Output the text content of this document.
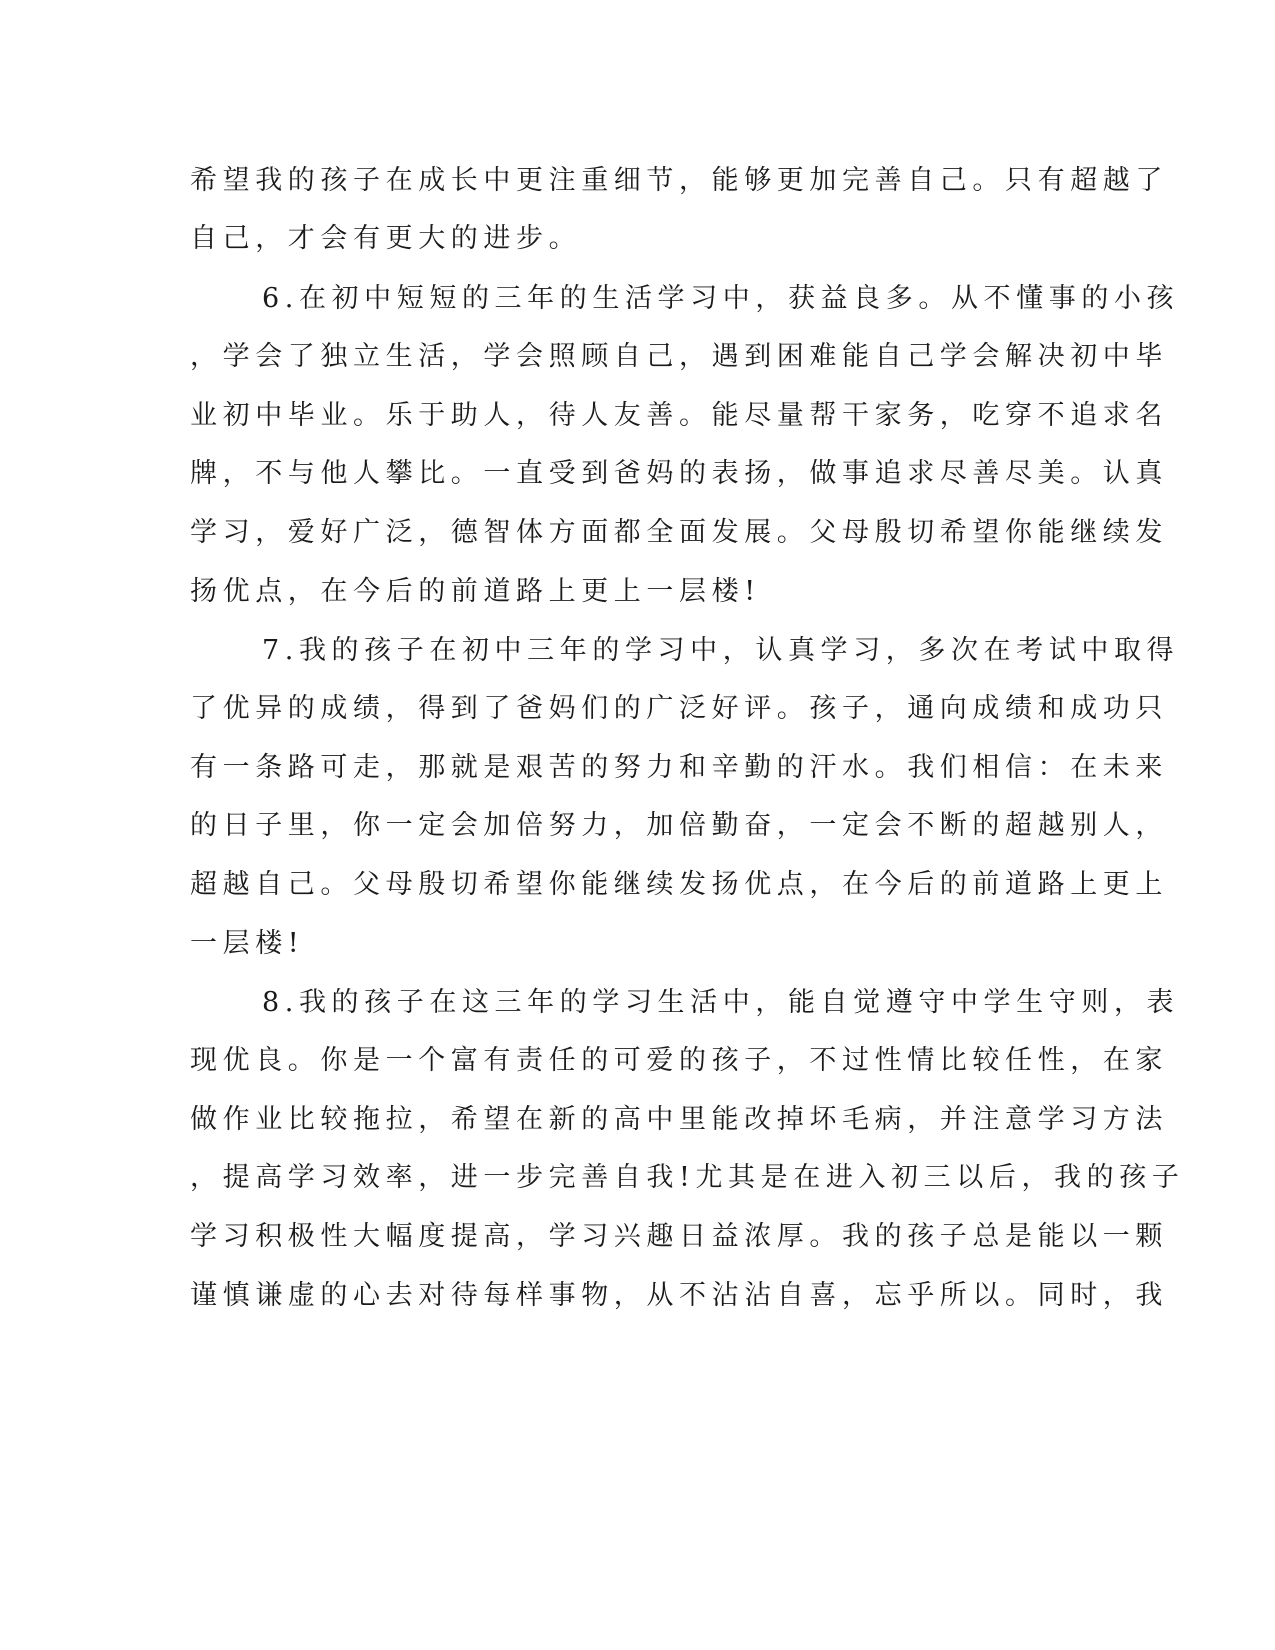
希望我的孩子在成长中更注重细节，能够更加完善自己。只有超越了
自己，才会有更大的进步。
6.在初中短短的三年的生活学习中，获益良多。从不懂事的小孩
，学会了独立生活，学会照顾自己，遇到困难能自己学会解决初中毕
业初中毕业。乐于助人，待人友善。能尽量帮干家务，吃穿不追求名
牌，不与他人攀比。一直受到爸妈的表扬，做事追求尽善尽美。认真
学习，爱好广泛，德智体方面都全面发展。父母殷切希望你能继续发
扬优点，在今后的前道路上更上一层楼!
7.我的孩子在初中三年的学习中，认真学习，多次在考试中取得
了优异的成绩，得到了爸妈们的广泛好评。孩子，通向成绩和成功只
有一条路可走，那就是艰苦的努力和辛勤的汗水。我们相信：在未来
的日子里，你一定会加倍努力，加倍勤奋，一定会不断的超越别人，
超越自己。父母殷切希望你能继续发扬优点，在今后的前道路上更上
一层楼!
8.我的孩子在这三年的学习生活中，能自觉遵守中学生守则，表
现优良。你是一个富有责任的可爱的孩子，不过性情比较任性，在家
做作业比较拖拉，希望在新的高中里能改掉坏毛病，并注意学习方法
，提高学习效率，进一步完善自我!尤其是在进入初三以后，我的孩子
学习积极性大幅度提高，学习兴趣日益浓厚。我的孩子总是能以一颗
谨慎谦虚的心去对待每样事物，从不沾沾自喜，忘乎所以。同时，我
